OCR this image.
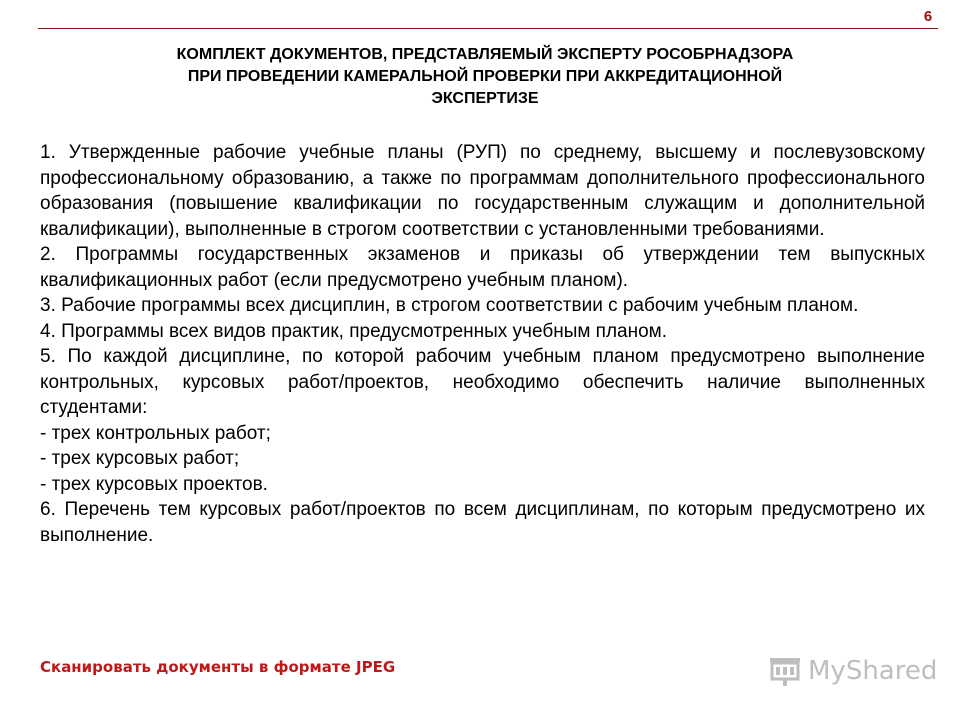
6
КОМПЛЕКТ ДОКУМЕНТОВ, ПРЕДСТАВЛЯЕМЫЙ ЭКСПЕРТУ РОСОБРНАДЗОРА
ПРИ ПРОВЕДЕНИИ КАМЕРАЛЬНОЙ ПРОВЕРКИ ПРИ АККРЕДИТАЦИОННОЙ
ЭКСПЕРТИЗЕ

1. Утвержденные рабочие учебные планы (РУП) по среднему, высшему и послевузовскому профессиональному образованию, а также по программам дополнительного профессионального образования (повышение квалификации по государственным служащим и дополнительной квалификации), выполненные в строгом соответствии с установленными требованиями.

2. Программы государственных экзаменов и приказы об утверждении тем выпускных квалификационных работ (если предусмотрено учебным планом).

3. Рабочие программы всех дисциплин, в строгом соответствии с рабочим учебным планом.

4. Программы всех видов практик, предусмотренных учебным планом.

5. По каждой дисциплине, по которой рабочим учебным планом предусмотрено выполнение контрольных, курсовых работ/проектов, необходимо обеспечить наличие выполненных студентами:

- трех контрольных работ;

- трех курсовых работ;

- трех курсовых проектов.

6. Перечень тем курсовых работ/проектов по всем дисциплинам, по которым предусмотрено их выполнение.

Сканировать документы в формате JPEG	MyShared
